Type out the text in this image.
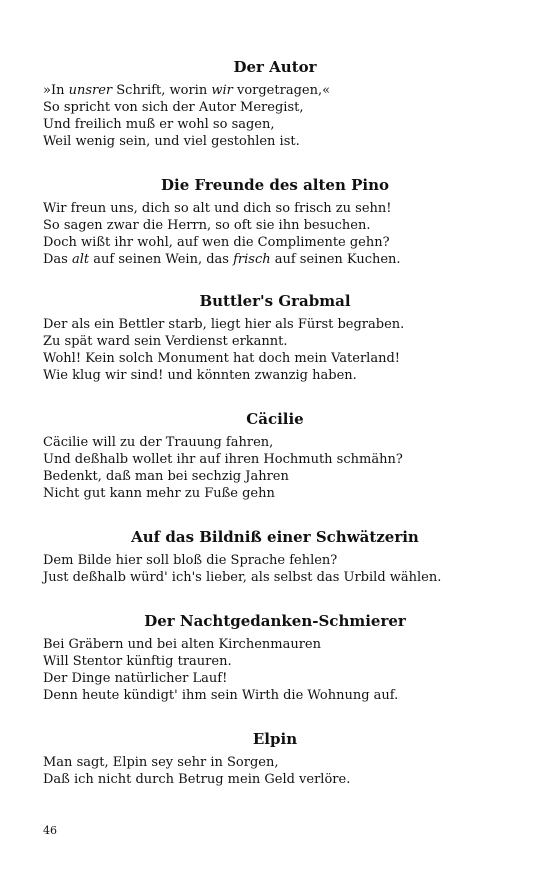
Der Autor
»In unsrer Schrift, worin wir vorgetragen,«
So spricht von sich der Autor Meregist,
Und freilich muß er wohl so sagen,
Weil wenig sein, und viel gestohlen ist.
Die Freunde des alten Pino
Wir freun uns, dich so alt und dich so frisch zu sehn!
So sagen zwar die Herrn, so oft sie ihn besuchen.
Doch wißt ihr wohl, auf wen die Complimente gehn?
Das alt auf seinen Wein, das frisch auf seinen Kuchen.
Buttler's Grabmal
Der als ein Bettler starb, liegt hier als Fürst begraben.
Zu spät ward sein Verdienst erkannt.
Wohl! Kein solch Monument hat doch mein Vaterland!
Wie klug wir sind! und könnten zwanzig haben.
Cäcilie
Cäcilie will zu der Trauung fahren,
Und deßhalb wollet ihr auf ihren Hochmuth schmähn?
Bedenkt, daß man bei sechzig Jahren
Nicht gut kann mehr zu Fuße gehn
Auf das Bildniß einer Schwätzerin
Dem Bilde hier soll bloß die Sprache fehlen?
Just deßhalb würd' ich's lieber, als selbst das Urbild wählen.
Der Nachtgedanken-Schmierer
Bei Gräbern und bei alten Kirchenmauren
Will Stentor künftig trauren.
Der Dinge natürlicher Lauf!
Denn heute kündigt' ihm sein Wirth die Wohnung auf.
Elpin
Man sagt, Elpin sey sehr in Sorgen,
Daß ich nicht durch Betrug mein Geld verlöre.
46
